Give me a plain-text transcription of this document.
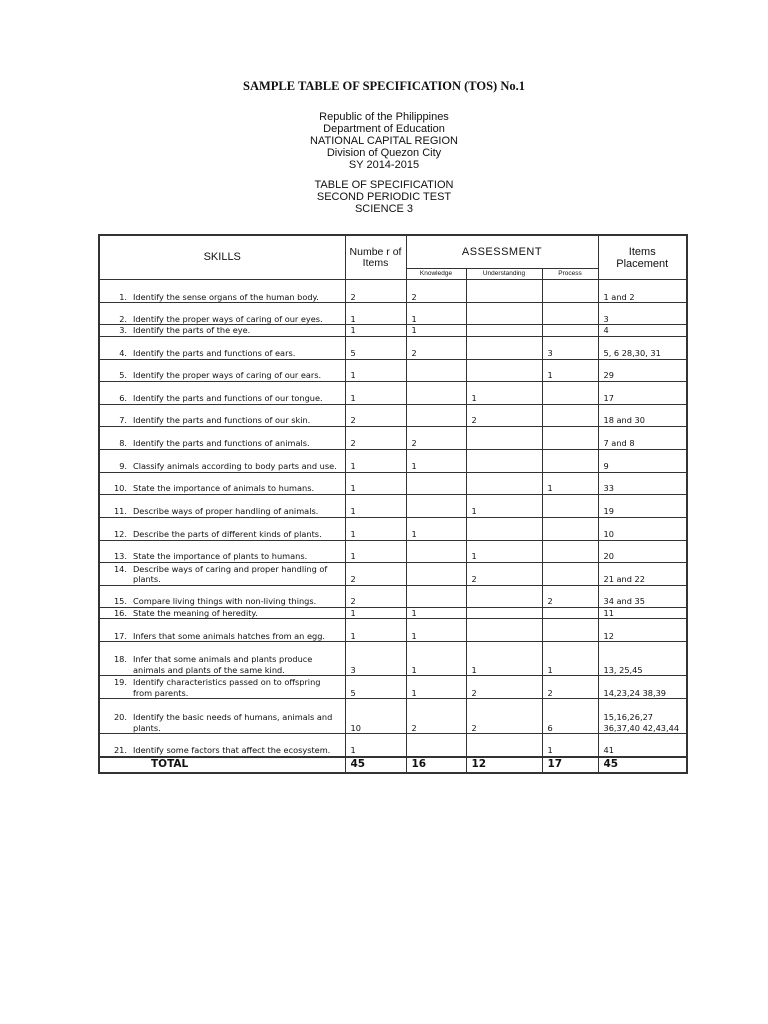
SAMPLE TABLE OF SPECIFICATION (TOS) No.1
Republic of the Philippines
Department of Education
NATIONAL CAPITAL REGION
Division of Quezon City
SY 2014-2015
TABLE OF SPECIFICATION
SECOND PERIODIC TEST
SCIENCE 3
SKILLS	Numbe r of Items	ASSESSMENT			Items Placement
		Knowledge	Understanding	Process	

1. Identify the sense organs of the human body.	2	2			1 and 2

2. Identify the proper ways of caring of our eyes.	1	1			3

3. Identify the parts of the eye.	1	1			4

4. Identify the parts and functions of ears.	5	2		3	5, 6 28,30, 31

5. Identify the proper ways of caring of our ears.	1			1	29

6. Identify the parts and functions of our tongue.	1		1		17

7. Identify the parts and functions of our skin.	2		2		18 and 30

8. Identify the parts and functions of animals.	2	2			7 and 8

9. Classify animals according to body parts and use.	1	1			9

10. State the importance of animals to humans.	1			1	33

11. Describe ways of proper handling of animals.	1		1		19

12. Describe the parts of different kinds of plants.	1	1			10

13. State the importance of plants to humans.	1		1		20

14. Describe ways of caring and proper handling of plants.	2		2		21 and 22

15. Compare living things with non-living things.	2			2	34 and 35

16. State the meaning of heredity.	1	1			11

17. Infers that some animals hatches from an egg.	1	1			12

18. Infer that some animals and plants produce animals and plants of the same kind.	3	1	1	1	13, 25,45

19. Identify characteristics passed on to offspring from parents.	5	1	2	2	14,23,24 38,39

20. Identify the basic needs of humans, animals and plants.	10	2	2	6	15,16,26,27 36,37,40 42,43,44

21. Identify some factors that affect the ecosystem.	1			1	41
TOTAL	45	16	12	17	45
